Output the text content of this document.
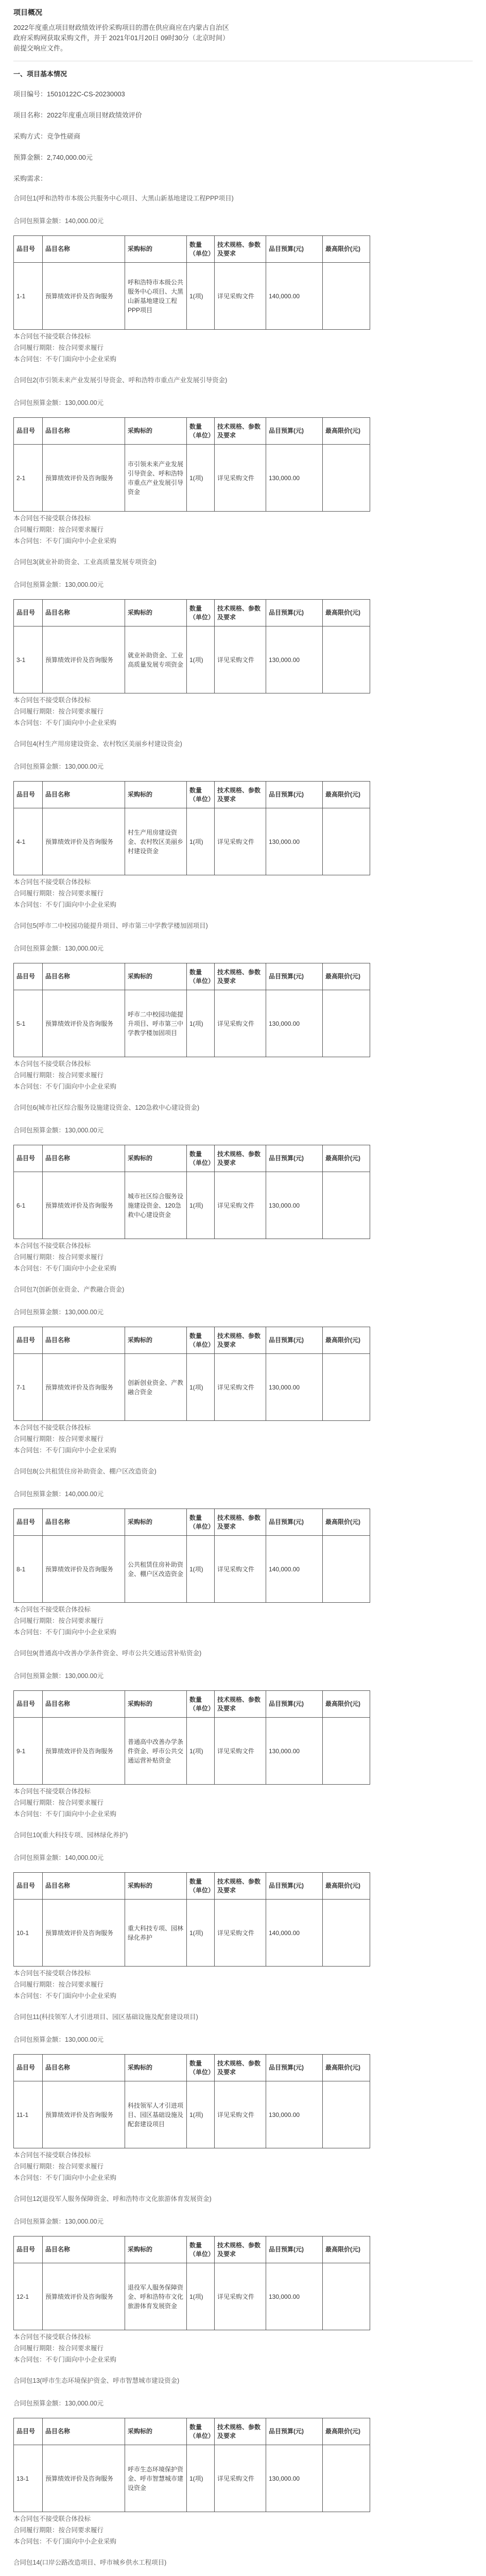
项目概况
2022年度重点项目财政绩效评价采购项目的潜在供应商应在内蒙古自治区政府采购网获取采购文件，并于 2021年01月20日 09时30分（北京时间）前提交响应文件。
一、项目基本情况
项目编号：15010122C-CS-20230003
项目名称：2022年度重点项目财政绩效评价
采购方式：竞争性磋商
预算金额：2,740,000.00元
采购需求：
合同包1(呼和浩特市本级公共服务中心项目、大黑山新基地建设工程PPP项目)
合同包预算金额：140,000.00元
品目号	品目名称	采购标的	数量（单位）	技术规格、参数及要求	品目预算(元)	最高限价(元)
1-1	预算绩效评价及咨询服务	呼和浩特市本级公共服务中心项目、大黑山新基地建设工程PPP项目	1(项)	详见采购文件	140,000.00	
本合同包不接受联合体投标
合同履行期限：按合同要求履行
本合同包：不专门面向中小企业采购
合同包2(市引领未来产业发展引导资金、呼和浩特市重点产业发展引导资金)
合同包预算金额：130,000.00元
品目号	品目名称	采购标的	数量（单位）	技术规格、参数及要求	品目预算(元)	最高限价(元)
2-1	预算绩效评价及咨询服务	市引领未来产业发展引导资金、呼和浩特市重点产业发展引导资金	1(项)	详见采购文件	130,000.00	
本合同包不接受联合体投标
合同履行期限：按合同要求履行
本合同包：不专门面向中小企业采购
合同包3(就业补助资金、工业高质量发展专项资金)
合同包预算金额：130,000.00元
品目号	品目名称	采购标的	数量（单位）	技术规格、参数及要求	品目预算(元)	最高限价(元)
3-1	预算绩效评价及咨询服务	就业补助资金、工业高质量发展专项资金	1(项)	详见采购文件	130,000.00	
本合同包不接受联合体投标
合同履行期限：按合同要求履行
本合同包：不专门面向中小企业采购
合同包4(村生产用房建设资金、农村牧区美丽乡村建设资金)
合同包预算金额：130,000.00元
品目号	品目名称	采购标的	数量（单位）	技术规格、参数及要求	品目预算(元)	最高限价(元)
4-1	预算绩效评价及咨询服务	村生产用房建设资金、农村牧区美丽乡村建设资金	1(项)	详见采购文件	130,000.00	
本合同包不接受联合体投标
合同履行期限：按合同要求履行
本合同包：不专门面向中小企业采购
合同包5(呼市二中校园功能提升项目、呼市第三中学教学楼加固项目)
合同包预算金额：130,000.00元
品目号	品目名称	采购标的	数量（单位）	技术规格、参数及要求	品目预算(元)	最高限价(元)
5-1	预算绩效评价及咨询服务	呼市二中校园功能提升项目、呼市第三中学教学楼加固项目	1(项)	详见采购文件	130,000.00	
本合同包不接受联合体投标
合同履行期限：按合同要求履行
本合同包：不专门面向中小企业采购
合同包6(城市社区综合服务设施建设资金、120急救中心建设资金)
合同包预算金额：130,000.00元
品目号	品目名称	采购标的	数量（单位）	技术规格、参数及要求	品目预算(元)	最高限价(元)
6-1	预算绩效评价及咨询服务	城市社区综合服务设施建设资金、120急救中心建设资金	1(项)	详见采购文件	130,000.00	
本合同包不接受联合体投标
合同履行期限：按合同要求履行
本合同包：不专门面向中小企业采购
合同包7(创新创业资金、产教融合资金)
合同包预算金额：130,000.00元
品目号	品目名称	采购标的	数量（单位）	技术规格、参数及要求	品目预算(元)	最高限价(元)
7-1	预算绩效评价及咨询服务	创新创业资金、产教融合资金	1(项)	详见采购文件	130,000.00	
本合同包不接受联合体投标
合同履行期限：按合同要求履行
本合同包：不专门面向中小企业采购
合同包8(公共租赁住房补助资金、棚户区改造资金)
合同包预算金额：140,000.00元
品目号	品目名称	采购标的	数量（单位）	技术规格、参数及要求	品目预算(元)	最高限价(元)
8-1	预算绩效评价及咨询服务	公共租赁住房补助资金、棚户区改造资金	1(项)	详见采购文件	140,000.00	
本合同包不接受联合体投标
合同履行期限：按合同要求履行
本合同包：不专门面向中小企业采购
合同包9(普通高中改善办学条件资金、呼市公共交通运营补贴资金)
合同包预算金额：130,000.00元
品目号	品目名称	采购标的	数量（单位）	技术规格、参数及要求	品目预算(元)	最高限价(元)
9-1	预算绩效评价及咨询服务	普通高中改善办学条件资金、呼市公共交通运营补贴资金	1(项)	详见采购文件	130,000.00	
本合同包不接受联合体投标
合同履行期限：按合同要求履行
本合同包：不专门面向中小企业采购
合同包10(重大科技专项、园林绿化养护)
合同包预算金额：140,000.00元
品目号	品目名称	采购标的	数量（单位）	技术规格、参数及要求	品目预算(元)	最高限价(元)
10-1	预算绩效评价及咨询服务	重大科技专项、园林绿化养护	1(项)	详见采购文件	140,000.00	
本合同包不接受联合体投标
合同履行期限：按合同要求履行
本合同包：不专门面向中小企业采购
合同包11(科技领军人才引进项目、园区基础设施及配套建设项目)
合同包预算金额：130,000.00元
品目号	品目名称	采购标的	数量（单位）	技术规格、参数及要求	品目预算(元)	最高限价(元)
11-1	预算绩效评价及咨询服务	科技领军人才引进项目、园区基础设施及配套建设项目	1(项)	详见采购文件	130,000.00	
本合同包不接受联合体投标
合同履行期限：按合同要求履行
本合同包：不专门面向中小企业采购
合同包12(退役军人服务保障资金、呼和浩特市文化旅游体育发展资金)
合同包预算金额：130,000.00元
品目号	品目名称	采购标的	数量（单位）	技术规格、参数及要求	品目预算(元)	最高限价(元)
12-1	预算绩效评价及咨询服务	退役军人服务保障资金、呼和浩特市文化旅游体育发展资金	1(项)	详见采购文件	130,000.00	
本合同包不接受联合体投标
合同履行期限：按合同要求履行
本合同包：不专门面向中小企业采购
合同包13(呼市生态环境保护资金、呼市智慧城市建设资金)
合同包预算金额：130,000.00元
品目号	品目名称	采购标的	数量（单位）	技术规格、参数及要求	品目预算(元)	最高限价(元)
13-1	预算绩效评价及咨询服务	呼市生态环境保护资金、呼市智慧城市建设资金	1(项)	详见采购文件	130,000.00	
本合同包不接受联合体投标
合同履行期限：按合同要求履行
本合同包：不专门面向中小企业采购
合同包14(口岸公路改造项目、呼市城乡供水工程项目)
